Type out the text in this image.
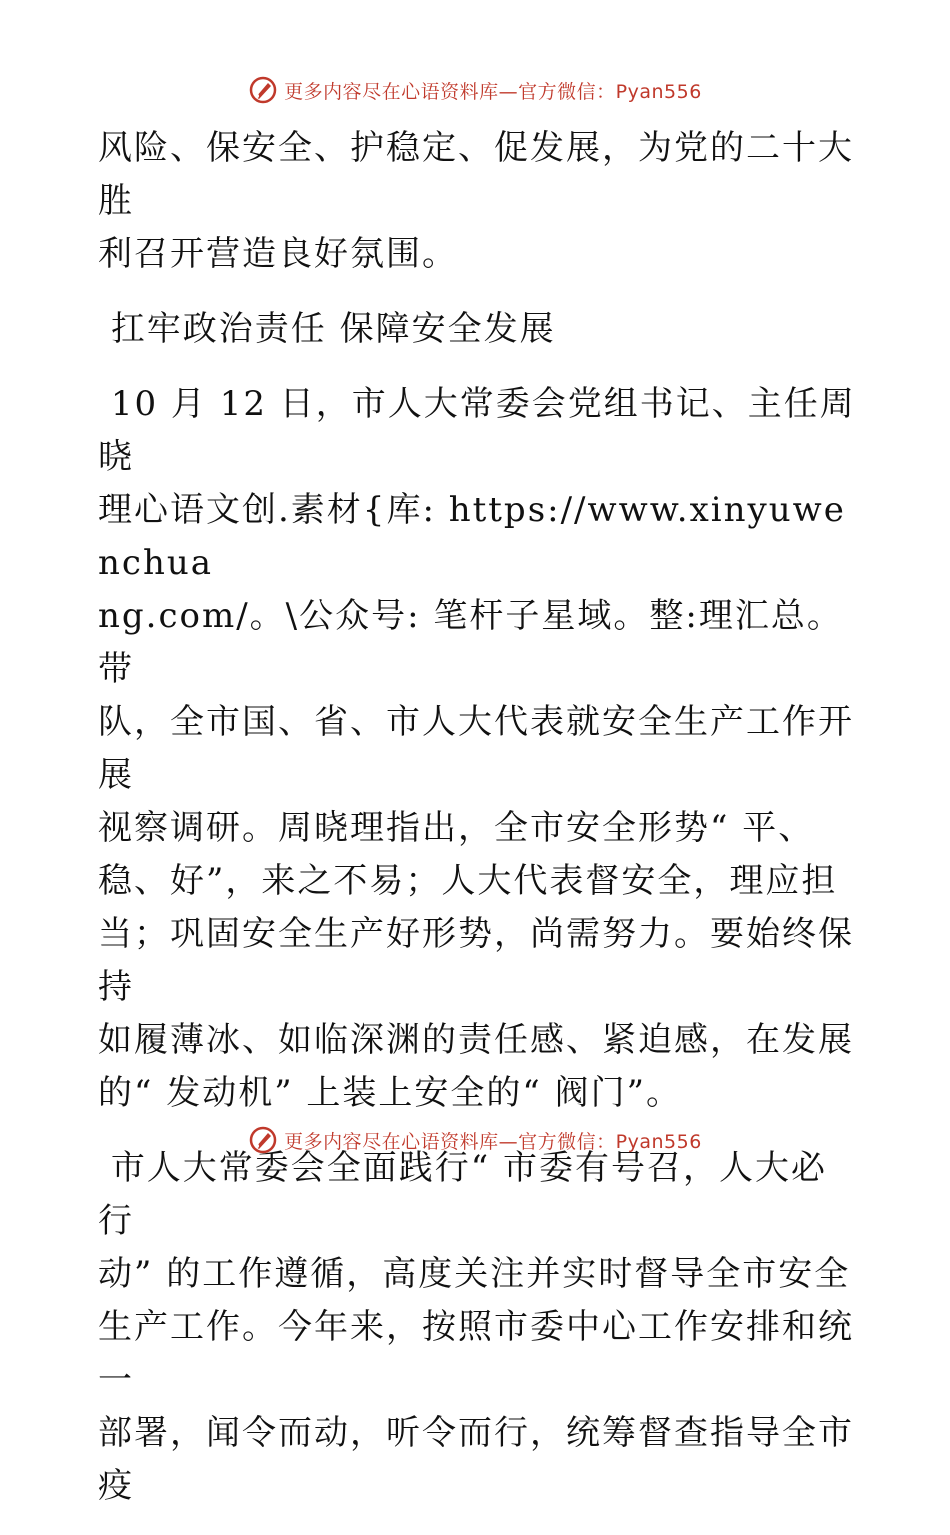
更多内容尽在心语资料库—官方微信：Pyan556

风险、保安全、护稳定、促发展，为党的二十大胜
利召开营造良好氛围。

扛牢政治责任 保障安全发展

10 月 12 日，市人大常委会党组书记、主任周晓
理心语文创.素材{库: https://www.xinyuwenchua
ng.com/。\公众号: 笔杆子星域。整:理汇总。带
队，全市国、省、市人大代表就安全生产工作开展
视察调研。周晓理指出，全市安全形势“ 平、
稳、好”，来之不易；人大代表督安全，理应担
当；巩固安全生产好形势，尚需努力。要始终保持
如履薄冰、如临深渊的责任感、紧迫感，在发展
的“ 发动机” 上装上安全的“ 阀门”。

市人大常委会全面践行“ 市委有号召，人大必行
动” 的工作遵循，高度关注并实时督导全市安全
生产工作。今年来，按照市委中心工作安排和统一
部署，闻令而动，听令而行，统筹督查指导全市疫

更多内容尽在心语资料库—官方微信：Pyan556
